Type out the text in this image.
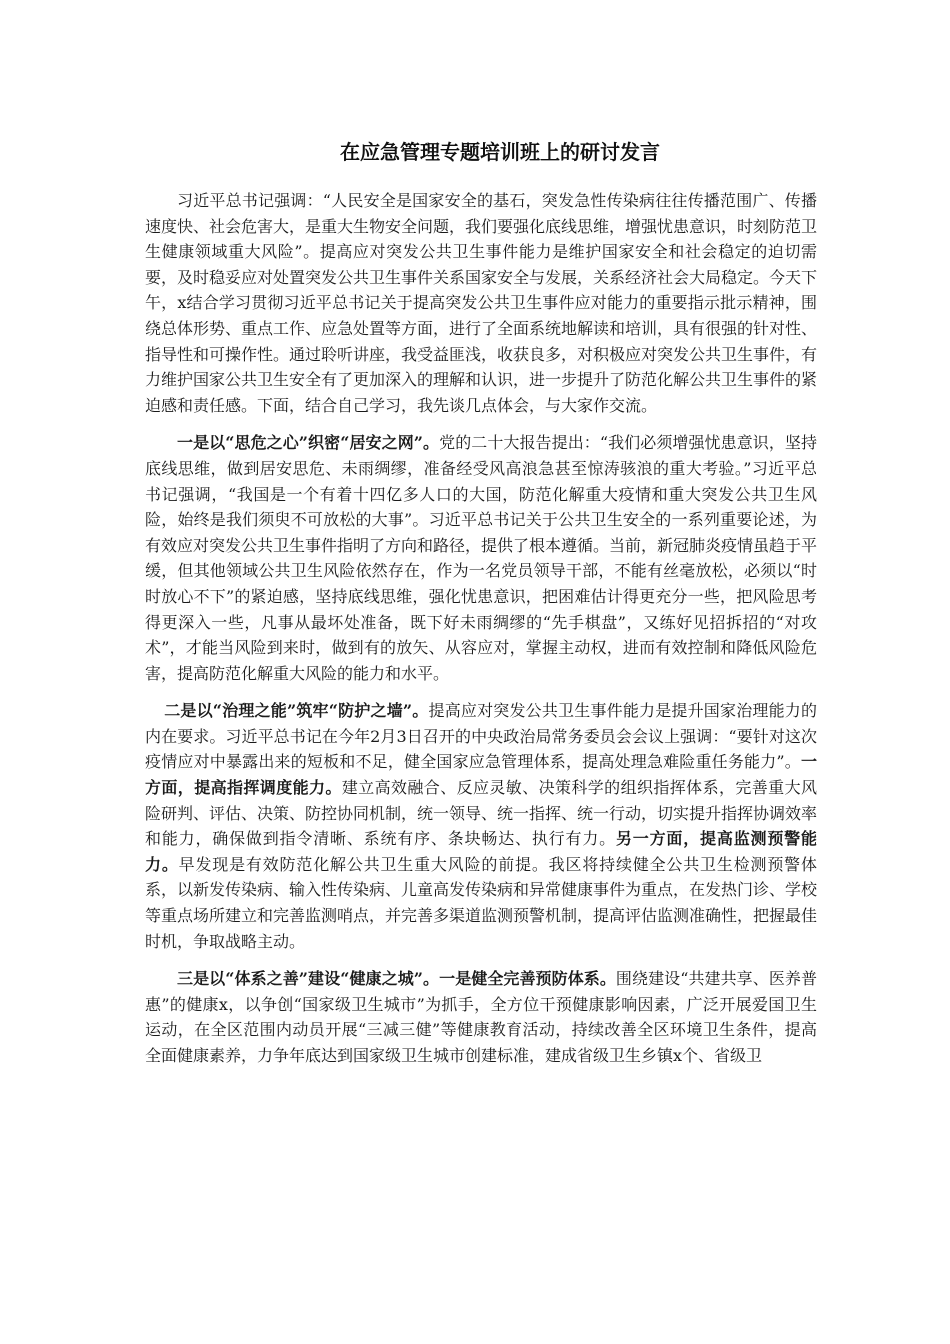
在应急管理专题培训班上的研讨发言

习近平总书记强调：“人民安全是国家安全的基石，突发急性传染病往往传播范围广、传播速度快、社会危害大，是重大生物安全问题，我们要强化底线思维，增强忧患意识，时刻防范卫生健康领域重大风险”。提高应对突发公共卫生事件能力是维护国家安全和社会稳定的迫切需要，及时稳妥应对处置突发公共卫生事件关系国家安全与发展，关系经济社会大局稳定。今天下午，x结合学习贯彻习近平总书记关于提高突发公共卫生事件应对能力的重要指示批示精神，围绕总体形势、重点工作、应急处置等方面，进行了全面系统地解读和培训，具有很强的针对性、指导性和可操作性。通过聆听讲座，我受益匪浅，收获良多，对积极应对突发公共卫生事件，有力维护国家公共卫生安全有了更加深入的理解和认识，进一步提升了防范化解公共卫生事件的紧迫感和责任感。下面，结合自己学习，我先谈几点体会，与大家作交流。

一是以“思危之心”织密“居安之网”。党的二十大报告提出：“我们必须增强忧患意识，坚持底线思维，做到居安思危、未雨绸缪，准备经受风高浪急甚至惊涛骇浪的重大考验。”习近平总书记强调，“我国是一个有着十四亿多人口的大国，防范化解重大疫情和重大突发公共卫生风险，始终是我们须臾不可放松的大事”。习近平总书记关于公共卫生安全的一系列重要论述，为有效应对突发公共卫生事件指明了方向和路径，提供了根本遵循。当前，新冠肺炎疫情虽趋于平缓，但其他领域公共卫生风险依然存在，作为一名党员领导干部，不能有丝毫放松，必须以“时时放心不下”的紧迫感，坚持底线思维，强化忧患意识，把困难估计得更充分一些，把风险思考得更深入一些，凡事从最坏处准备，既下好未雨绸缪的“先手棋盘”，又练好见招拆招的“对攻术”，才能当风险到来时，做到有的放矢、从容应对，掌握主动权，进而有效控制和降低风险危害，提高防范化解重大风险的能力和水平。

二是以“治理之能”筑牢“防护之墙”。提高应对突发公共卫生事件能力是提升国家治理能力的内在要求。习近平总书记在今年2月3日召开的中央政治局常务委员会会议上强调：“要针对这次疫情应对中暴露出来的短板和不足，健全国家应急管理体系，提高处理急难险重任务能力”。一方面，提高指挥调度能力。建立高效融合、反应灵敏、决策科学的组织指挥体系，完善重大风险研判、评估、决策、防控协同机制，统一领导、统一指挥、统一行动，切实提升指挥协调效率和能力，确保做到指令清晰、系统有序、条块畅达、执行有力。另一方面，提高监测预警能力。早发现是有效防范化解公共卫生重大风险的前提。我区将持续健全公共卫生检测预警体系，以新发传染病、输入性传染病、儿童高发传染病和异常健康事件为重点，在发热门诊、学校等重点场所建立和完善监测哨点，并完善多渠道监测预警机制，提高评估监测准确性，把握最佳时机，争取战略主动。

三是以“体系之善”建设“健康之城”。一是健全完善预防体系。围绕建设“共建共享、医养普惠”的健康x，以争创“国家级卫生城市”为抓手，全方位干预健康影响因素，广泛开展爱国卫生运动，在全区范围内动员开展“三减三健”等健康教育活动，持续改善全区环境卫生条件，提高全面健康素养，力争年底达到国家级卫生城市创建标准，建成省级卫生乡镇x个、省级卫
